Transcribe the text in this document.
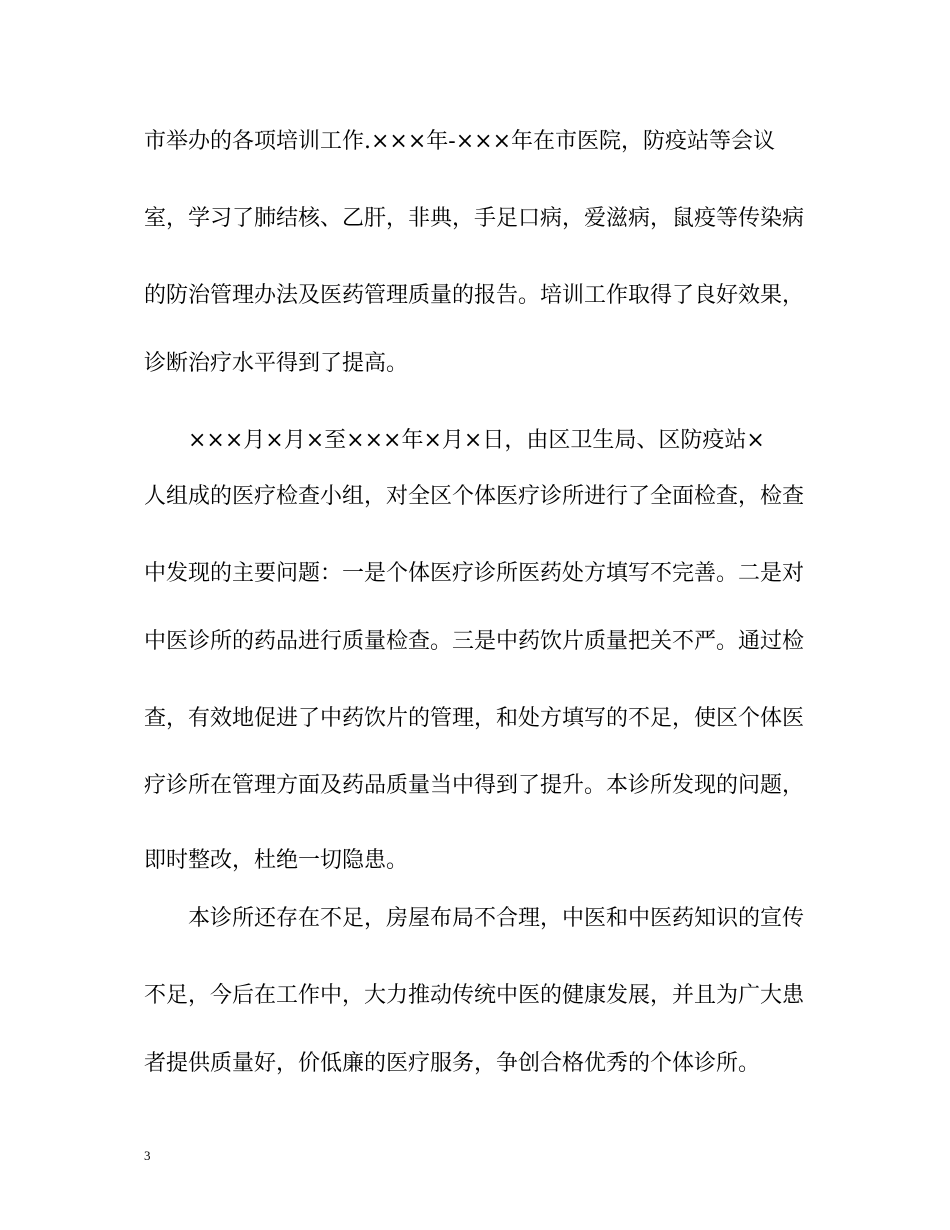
市举办的各项培训工作.×××年-×××年在市医院，防疫站等会议
室，学习了肺结核、乙肝，非典，手足口病，爱滋病，鼠疫等传染病
的防治管理办法及医药管理质量的报告。培训工作取得了良好效果，
诊断治疗水平得到了提高。
×××月×月×至×××年×月×日，由区卫生局、区防疫站×
人组成的医疗检查小组，对全区个体医疗诊所进行了全面检查，检查
中发现的主要问题：一是个体医疗诊所医药处方填写不完善。二是对
中医诊所的药品进行质量检查。三是中药饮片质量把关不严。通过检
查，有效地促进了中药饮片的管理，和处方填写的不足，使区个体医
疗诊所在管理方面及药品质量当中得到了提升。本诊所发现的问题，
即时整改，杜绝一切隐患。
本诊所还存在不足，房屋布局不合理，中医和中医药知识的宣传
不足，今后在工作中，大力推动传统中医的健康发展，并且为广大患
者提供质量好，价低廉的医疗服务，争创合格优秀的个体诊所。
3
